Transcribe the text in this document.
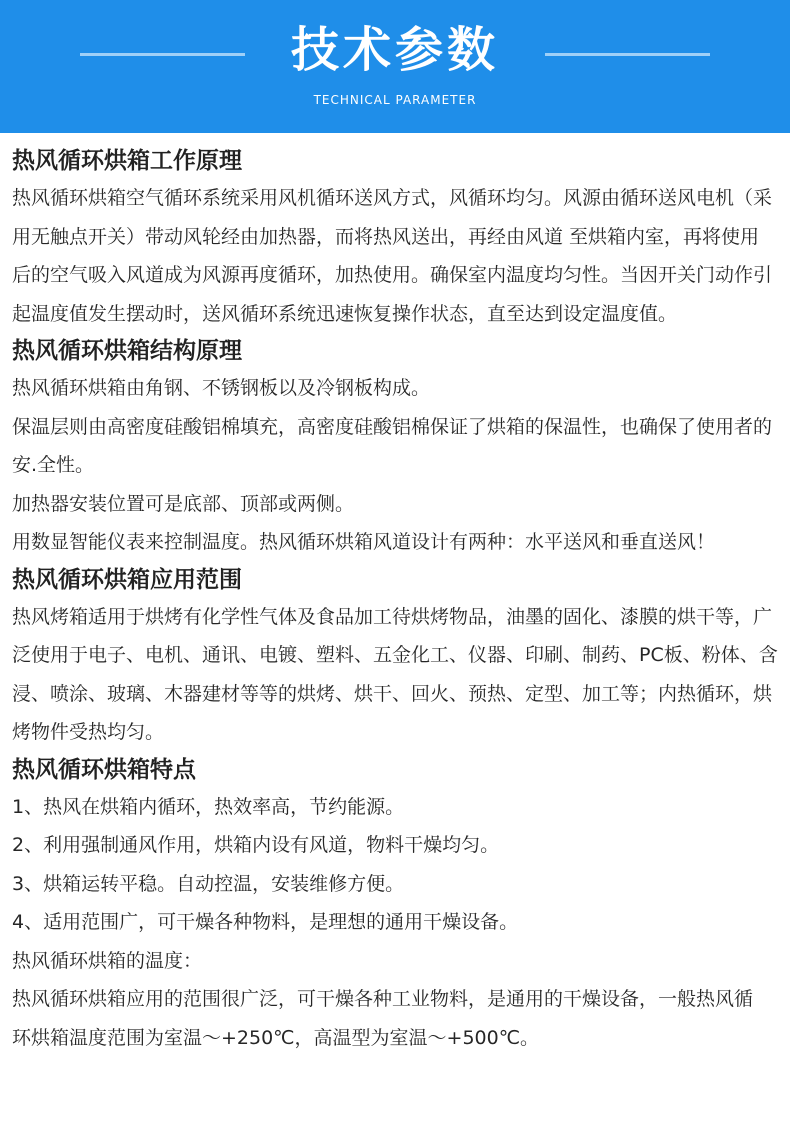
技术参数
TECHNICAL PARAMETER
热风循环烘箱工作原理

热风循环烘箱空气循环系统采用风机循环送风方式，风循环均匀。风源由循环送风电机（采用无触点开关）带动风轮经由加热器，而将热风送出，再经由风道 至烘箱内室，再将使用后的空气吸入风道成为风源再度循环，加热使用。确保室内温度均匀性。当因开关门动作引起温度值发生摆动时，送风循环系统迅速恢复操作状态，直至达到设定温度值。

热风循环烘箱结构原理

热风循环烘箱由角钢、不锈钢板以及冷钢板构成。

保温层则由高密度硅酸铝棉填充，高密度硅酸铝棉保证了烘箱的保温性，也确保了使用者的安.全性。

加热器安装位置可是底部、顶部或两侧。

用数显智能仪表来控制温度。热风循环烘箱风道设计有两种：水平送风和垂直送风！

热风循环烘箱应用范围

热风烤箱适用于烘烤有化学性气体及食品加工待烘烤物品，油墨的固化、漆膜的烘干等，广泛使用于电子、电机、通讯、电镀、塑料、五金化工、仪器、印刷、制药、PC板、粉体、含浸、喷涂、玻璃、木器建材等等的烘烤、烘干、回火、预热、定型、加工等；内热循环，烘烤物件受热均匀。

热风循环烘箱特点

1、热风在烘箱内循环，热效率高，节约能源。

2、利用强制通风作用，烘箱内设有风道，物料干燥均匀。

3、烘箱运转平稳。自动控温，安装维修方便。

4、适用范围广，可干燥各种物料，是理想的通用干燥设备。

热风循环烘箱的温度：

热风循环烘箱应用的范围很广泛，可干燥各种工业物料，是通用的干燥设备，一般热风循

环烘箱温度范围为室温～+250℃，高温型为室温～+500℃。
